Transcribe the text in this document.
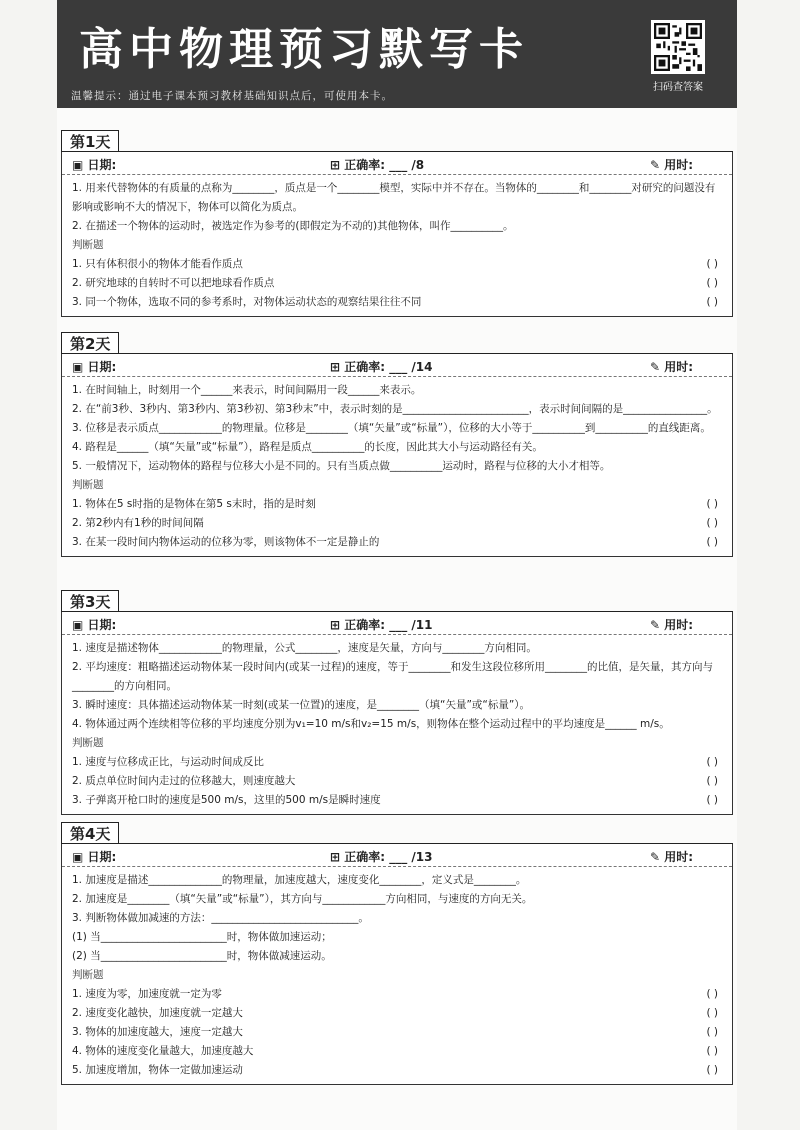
高中物理预习默写卡
温馨提示：通过电子课本预习教材基础知识点后，可使用本卡。
扫码查答案
第1天
▣ 日期:	⊞ 正确率: ___ /8	✎ 用时:
1. 用来代替物体的有质量的点称为________，质点是一个________模型，实际中并不存在。当物体的________和________对研究的问题没有影响或影响不大的情况下，物体可以简化为质点。
2. 在描述一个物体的运动时，被选定作为参考的(即假定为不动的)其他物体，叫作__________。
判断题
1. 只有体积很小的物体才能看作质点	( )
2. 研究地球的自转时不可以把地球看作质点	( )
3. 同一个物体，选取不同的参考系时，对物体运动状态的观察结果往往不同	( )
第2天
▣ 日期:	⊞ 正确率: ___ /14	✎ 用时:
1. 在时间轴上，时刻用一个______来表示，时间间隔用一段______来表示。
2. 在“前3秒、3秒内、第3秒内、第3秒初、第3秒末”中，表示时刻的是________________________，表示时间间隔的是________________。
3. 位移是表示质点____________的物理量。位移是________（填“矢量”或“标量”），位移的大小等于__________到__________的直线距离。
4. 路程是______（填“矢量”或“标量”），路程是质点__________的长度，因此其大小与运动路径有关。
5. 一般情况下，运动物体的路程与位移大小是不同的。只有当质点做__________运动时，路程与位移的大小才相等。
判断题
1. 物体在5 s时指的是物体在第5 s末时，指的是时刻	( )
2. 第2秒内有1秒的时间间隔	( )
3. 在某一段时间内物体运动的位移为零，则该物体不一定是静止的	( )
第3天
▣ 日期:	⊞ 正确率: ___ /11	✎ 用时:
1. 速度是描述物体____________的物理量，公式________，速度是矢量，方向与________方向相同。
2. 平均速度：粗略描述运动物体某一段时间内(或某一过程)的速度，等于________和发生这段位移所用________的比值，是矢量，其方向与________的方向相同。
3. 瞬时速度：具体描述运动物体某一时刻(或某一位置)的速度，是________（填“矢量”或“标量”）。
4. 物体通过两个连续相等位移的平均速度分别为v₁=10 m/s和v₂=15 m/s，则物体在整个运动过程中的平均速度是______ m/s。
判断题
1. 速度与位移成正比，与运动时间成反比	( )
2. 质点单位时间内走过的位移越大，则速度越大	( )
3. 子弹离开枪口时的速度是500 m/s，这里的500 m/s是瞬时速度	( )
第4天
▣ 日期:	⊞ 正确率: ___ /13	✎ 用时:
1. 加速度是描述______________的物理量，加速度越大，速度变化________，定义式是________。
2. 加速度是________（填“矢量”或“标量”），其方向与____________方向相同，与速度的方向无关。
3. 判断物体做加减速的方法：____________________________。
(1) 当________________________时，物体做加速运动；
(2) 当________________________时，物体做减速运动。
判断题
1. 速度为零，加速度就一定为零	( )
2. 速度变化越快，加速度就一定越大	( )
3. 物体的加速度越大，速度一定越大	( )
4. 物体的速度变化量越大，加速度越大	( )
5. 加速度增加，物体一定做加速运动	( )
